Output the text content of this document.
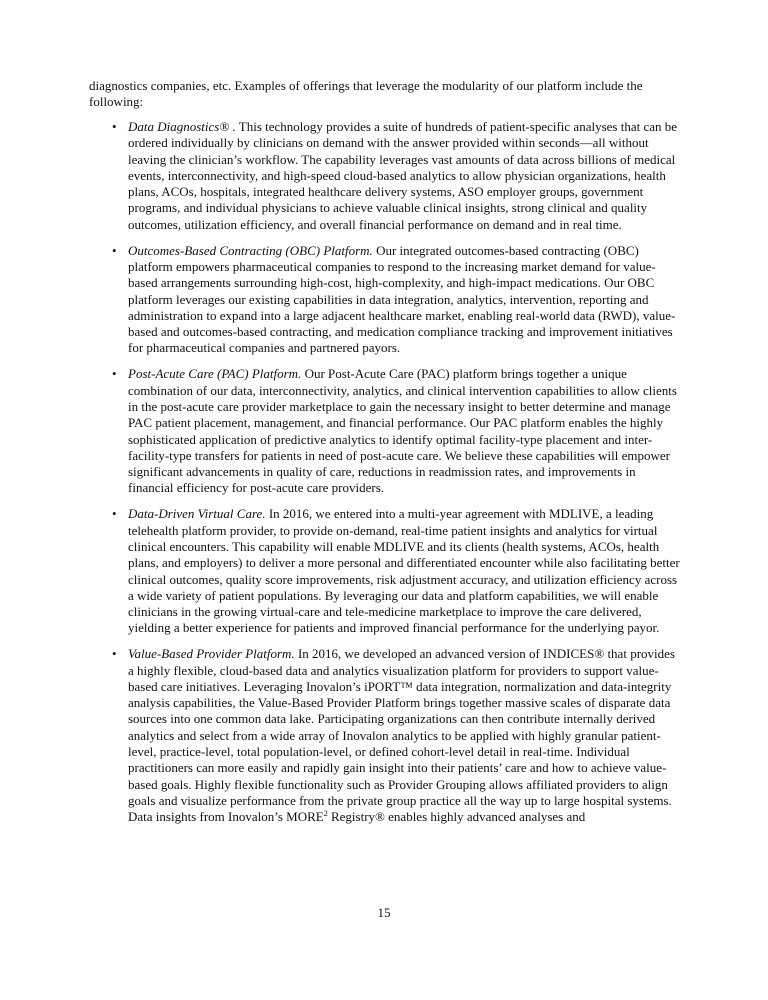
diagnostics companies, etc. Examples of offerings that leverage the modularity of our platform include the following:

• Data Diagnostics® . This technology provides a suite of hundreds of patient-specific analyses that can be ordered individually by clinicians on demand with the answer provided within seconds—all without leaving the clinician’s workflow. The capability leverages vast amounts of data across billions of medical events, interconnectivity, and high-speed cloud-based analytics to allow physician organizations, health plans, ACOs, hospitals, integrated healthcare delivery systems, ASO employer groups, government programs, and individual physicians to achieve valuable clinical insights, strong clinical and quality outcomes, utilization efficiency, and overall financial performance on demand and in real time.
• Outcomes-Based Contracting (OBC) Platform. Our integrated outcomes-based contracting (OBC) platform empowers pharmaceutical companies to respond to the increasing market demand for value-based arrangements surrounding high-cost, high-complexity, and high-impact medications. Our OBC platform leverages our existing capabilities in data integration, analytics, intervention, reporting and administration to expand into a large adjacent healthcare market, enabling real-world data (RWD), value-based and outcomes-based contracting, and medication compliance tracking and improvement initiatives for pharmaceutical companies and partnered payors.
• Post-Acute Care (PAC) Platform. Our Post-Acute Care (PAC) platform brings together a unique combination of our data, interconnectivity, analytics, and clinical intervention capabilities to allow clients in the post-acute care provider marketplace to gain the necessary insight to better determine and manage PAC patient placement, management, and financial performance. Our PAC platform enables the highly sophisticated application of predictive analytics to identify optimal facility-type placement and inter-facility-type transfers for patients in need of post-acute care. We believe these capabilities will empower significant advancements in quality of care, reductions in readmission rates, and improvements in financial efficiency for post-acute care providers.
• Data-Driven Virtual Care. In 2016, we entered into a multi-year agreement with MDLIVE, a leading telehealth platform provider, to provide on-demand, real-time patient insights and analytics for virtual clinical encounters. This capability will enable MDLIVE and its clients (health systems, ACOs, health plans, and employers) to deliver a more personal and differentiated encounter while also facilitating better clinical outcomes, quality score improvements, risk adjustment accuracy, and utilization efficiency across a wide variety of patient populations. By leveraging our data and platform capabilities, we will enable clinicians in the growing virtual-care and tele-medicine marketplace to improve the care delivered, yielding a better experience for patients and improved financial performance for the underlying payor.
• Value-Based Provider Platform. In 2016, we developed an advanced version of INDICES® that provides a highly flexible, cloud-based data and analytics visualization platform for providers to support value-based care initiatives. Leveraging Inovalon’s iPORT™ data integration, normalization and data-integrity analysis capabilities, the Value-Based Provider Platform brings together massive scales of disparate data sources into one common data lake. Participating organizations can then contribute internally derived analytics and select from a wide array of Inovalon analytics to be applied with highly granular patient-level, practice-level, total population-level, or defined cohort-level detail in real-time. Individual practitioners can more easily and rapidly gain insight into their patients’ care and how to achieve value-based goals. Highly flexible functionality such as Provider Grouping allows affiliated providers to align goals and visualize performance from the private group practice all the way up to large hospital systems. Data insights from Inovalon’s MORE$^2$ Registry® enables highly advanced analyses and
15
